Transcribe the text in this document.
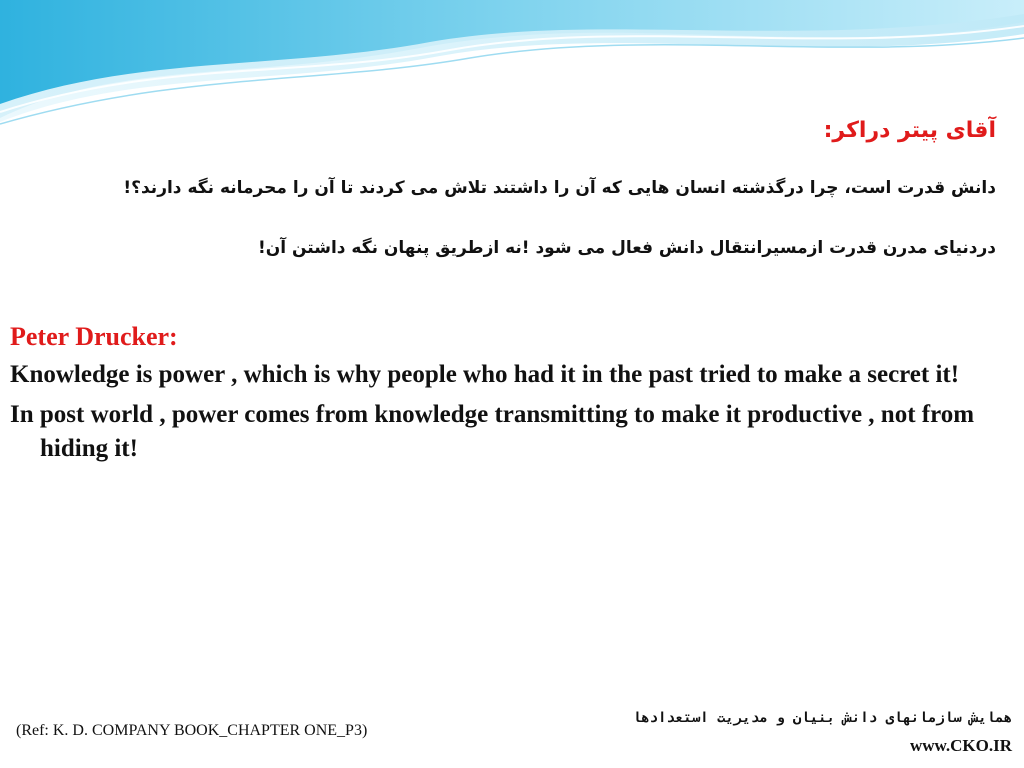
آقای پیتر دراکر:
دانش قدرت است، چرا درگذشته انسان هایی که آن را داشتند تلاش می کردند تا آن را محرمانه نگه دارند؟!
دردنیای مدرن قدرت ازمسیرانتقال دانش فعال می شود !نه ازطریق پنهان نگه داشتن آن!
Peter Drucker:
Knowledge is power , which is why people who had it in the past tried to make a secret it!
In post world , power comes from knowledge transmitting to make it productive , not from hiding it!
(Ref: K. D. COMPANY BOOK_CHAPTER ONE_P3)
همایش سازمانهای دانش بنیان و مدیریت استعدادها
www.CKO.IR
